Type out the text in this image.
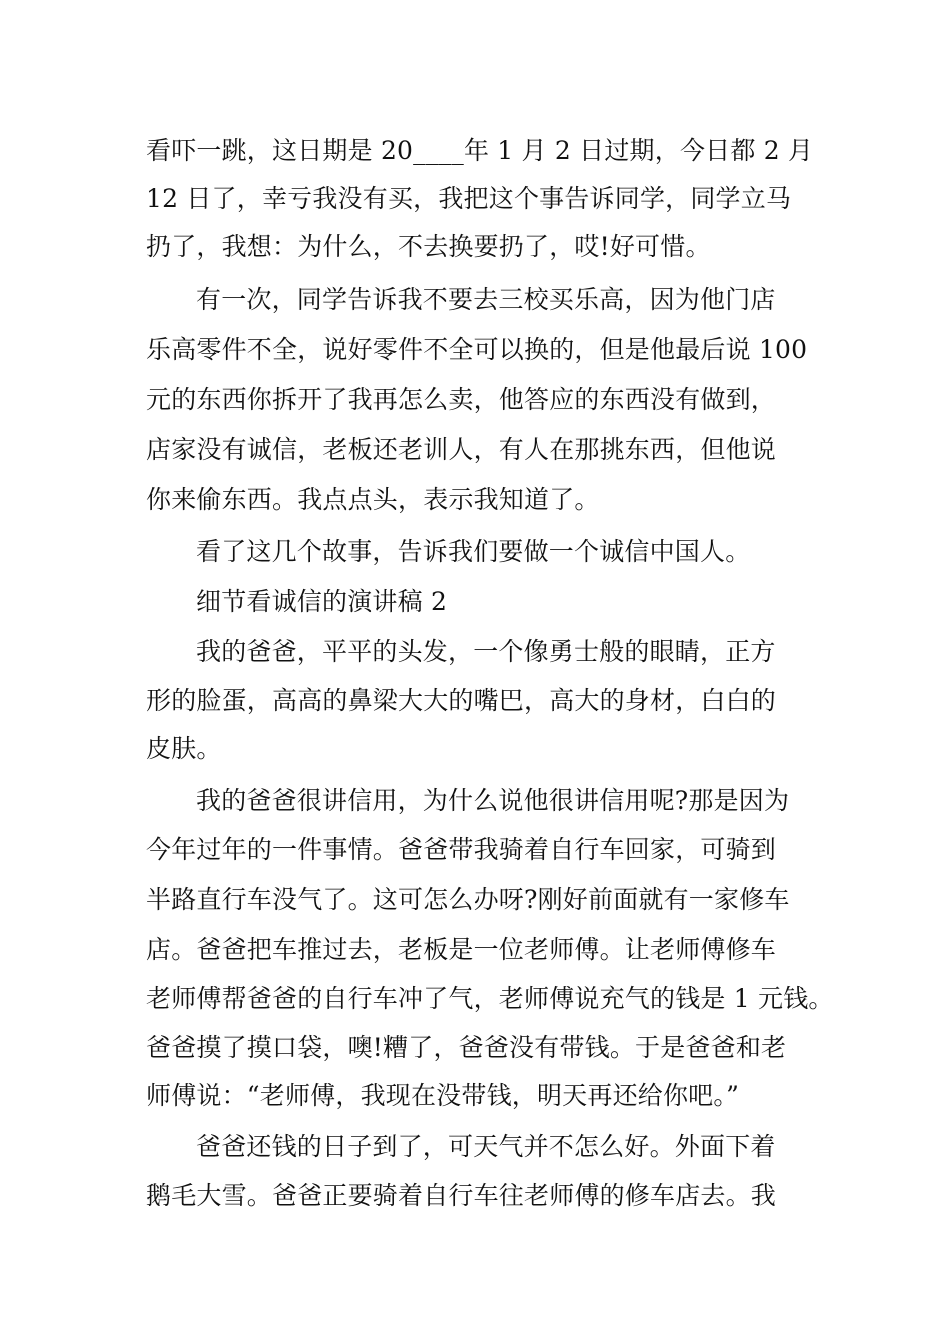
看吓一跳，这日期是 20____年 1 月 2 日过期，今日都 2 月
12 日了，幸亏我没有买，我把这个事告诉同学，同学立马
扔了，我想：为什么，不去换要扔了，哎!好可惜。
有一次，同学告诉我不要去三校买乐高，因为他门店
乐高零件不全，说好零件不全可以换的，但是他最后说 100
元的东西你拆开了我再怎么卖，他答应的东西没有做到，
店家没有诚信，老板还老训人，有人在那挑东西，但他说
你来偷东西。我点点头，表示我知道了。
看了这几个故事，告诉我们要做一个诚信中国人。
细节看诚信的演讲稿 2
我的爸爸，平平的头发，一个像勇士般的眼睛，正方
形的脸蛋，高高的鼻梁大大的嘴巴，高大的身材，白白的
皮肤。
我的爸爸很讲信用，为什么说他很讲信用呢?那是因为
今年过年的一件事情。爸爸带我骑着自行车回家，可骑到
半路直行车没气了。这可怎么办呀?刚好前面就有一家修车
店。爸爸把车推过去，老板是一位老师傅。让老师傅修车
老师傅帮爸爸的自行车冲了气，老师傅说充气的钱是 1 元钱。
爸爸摸了摸口袋，噢!糟了，爸爸没有带钱。于是爸爸和老
师傅说：“老师傅，我现在没带钱，明天再还给你吧。”
爸爸还钱的日子到了，可天气并不怎么好。外面下着
鹅毛大雪。爸爸正要骑着自行车往老师傅的修车店去。我
